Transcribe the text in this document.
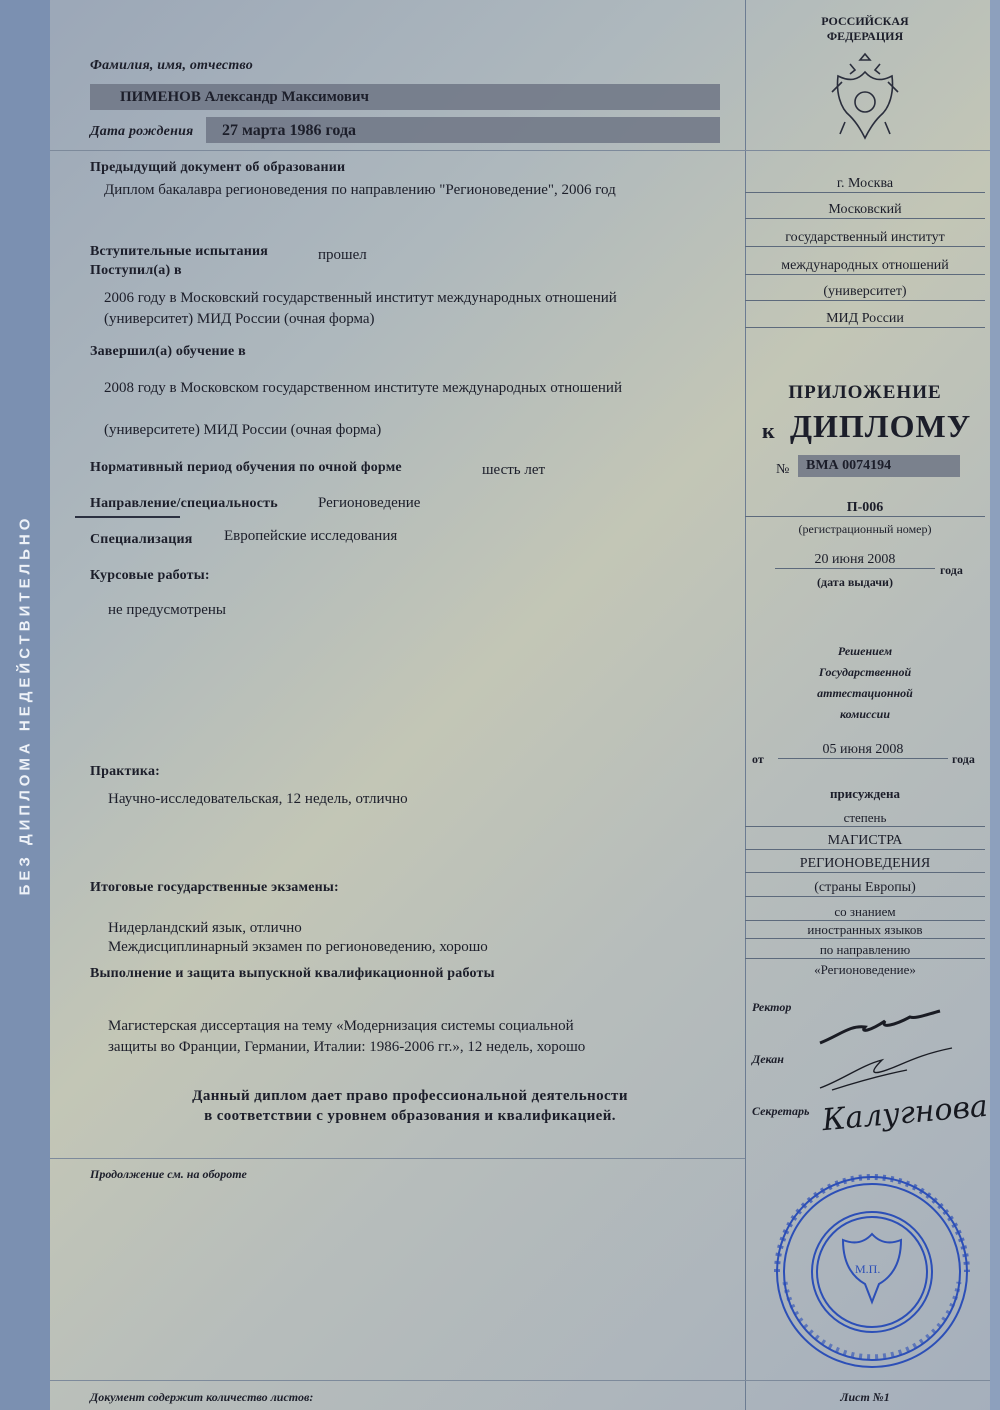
БЕЗ ДИПЛОМА НЕДЕЙСТВИТЕЛЬНО
Фамилия, имя, отчество
ПИМЕНОВ Александр Максимович
Дата рождения 27 марта 1986 года
Предыдущий документ об образовании
Диплом бакалавра регионоведения по направлению "Регионоведение", 2006 год
Вступительные испытания	прошел
Поступил(а) в
2006 году в Московский государственный институт международных отношений
(университет) МИД России (очная форма)
Завершил(а) обучение в
2008 году в Московском государственном институте международных отношений
(университете) МИД России (очная форма)
Нормативный период обучения по очной форме	шесть лет
Направление/специальность	Регионоведение
Специализация Европейские исследования
Курсовые работы:
не предусмотрены
Практика:
Научно-исследовательская, 12 недель, отлично
Итоговые государственные экзамены:
Нидерландский язык, отлично
Междисциплинарный экзамен по регионоведению, хорошо
Выполнение и защита выпускной квалификационной работы
Магистерская диссертация на тему «Модернизация системы социальной
защиты во Франции, Германии, Италии: 1986-2006 гг.», 12 недель, хорошо
Данный диплом дает право профессиональной деятельности
в соответствии с уровнем образования и квалификацией.
Продолжение см. на обороте
Документ содержит количество листов:
РОССИЙСКАЯ
ФЕДЕРАЦИЯ
г. Москва
Московский
государственный институт
международных отношений
(университет)
МИД России
ПРИЛОЖЕНИЕ
к ДИПЛОМУ
№ ВМА 0074194
П-006
(регистрационный номер)
20 июня 2008
года
(дата выдачи)
Решением
Государственной
аттестационной
комиссии
от
05 июня 2008
года
присуждена
степень
МАГИСТРА
РЕГИОНОВЕДЕНИЯ
(страны Европы)
со знанием
иностранных языков
по направлению
«Регионоведение»
Ректор
Декан
Секретарь Калугнова
М.П.
Лист №1
